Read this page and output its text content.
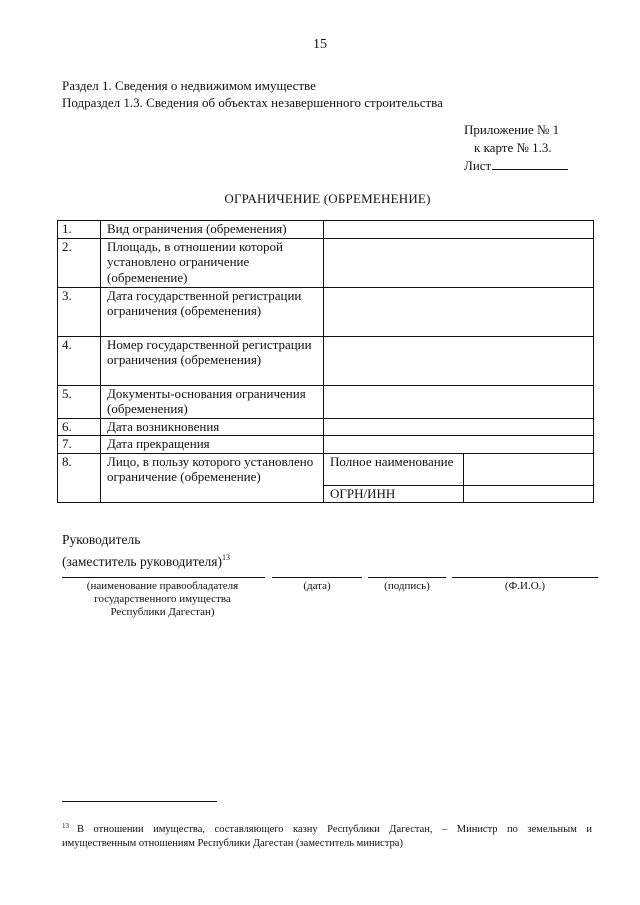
15
Раздел 1. Сведения о недвижимом имуществе
Подраздел 1.3. Сведения об объектах незавершенного строительства
Приложение № 1
к карте № 1.3.
Лист
ОГРАНИЧЕНИЕ (ОБРЕМЕНЕНИЕ)
1.	Вид ограничения (обременения)		
2.	Площадь, в отношении которой установлено ограничение (обременение)		
3.	Дата государственной регистрации ограничения (обременения)		
4.	Номер государственной регистрации ограничения (обременения)		
5.	Документы-основания ограничения (обременения)		
6.	Дата возникновения		
7.	Дата прекращения		
8.	Лицо, в пользу которого установлено ограничение (обременение)	Полное наименование	
		ОГРН/ИНН	
Руководитель
(заместитель руководителя)$^{13}$
(наименование правообладателя государственного имущества Республики Дагестан)
(дата)	(подпись)	(Ф.И.О.)
$^{13}$ В отношении имущества, составляющего казну Республики Дагестан, – Министр по земельным и имущественным отношениям Республики Дагестан (заместитель министра)
